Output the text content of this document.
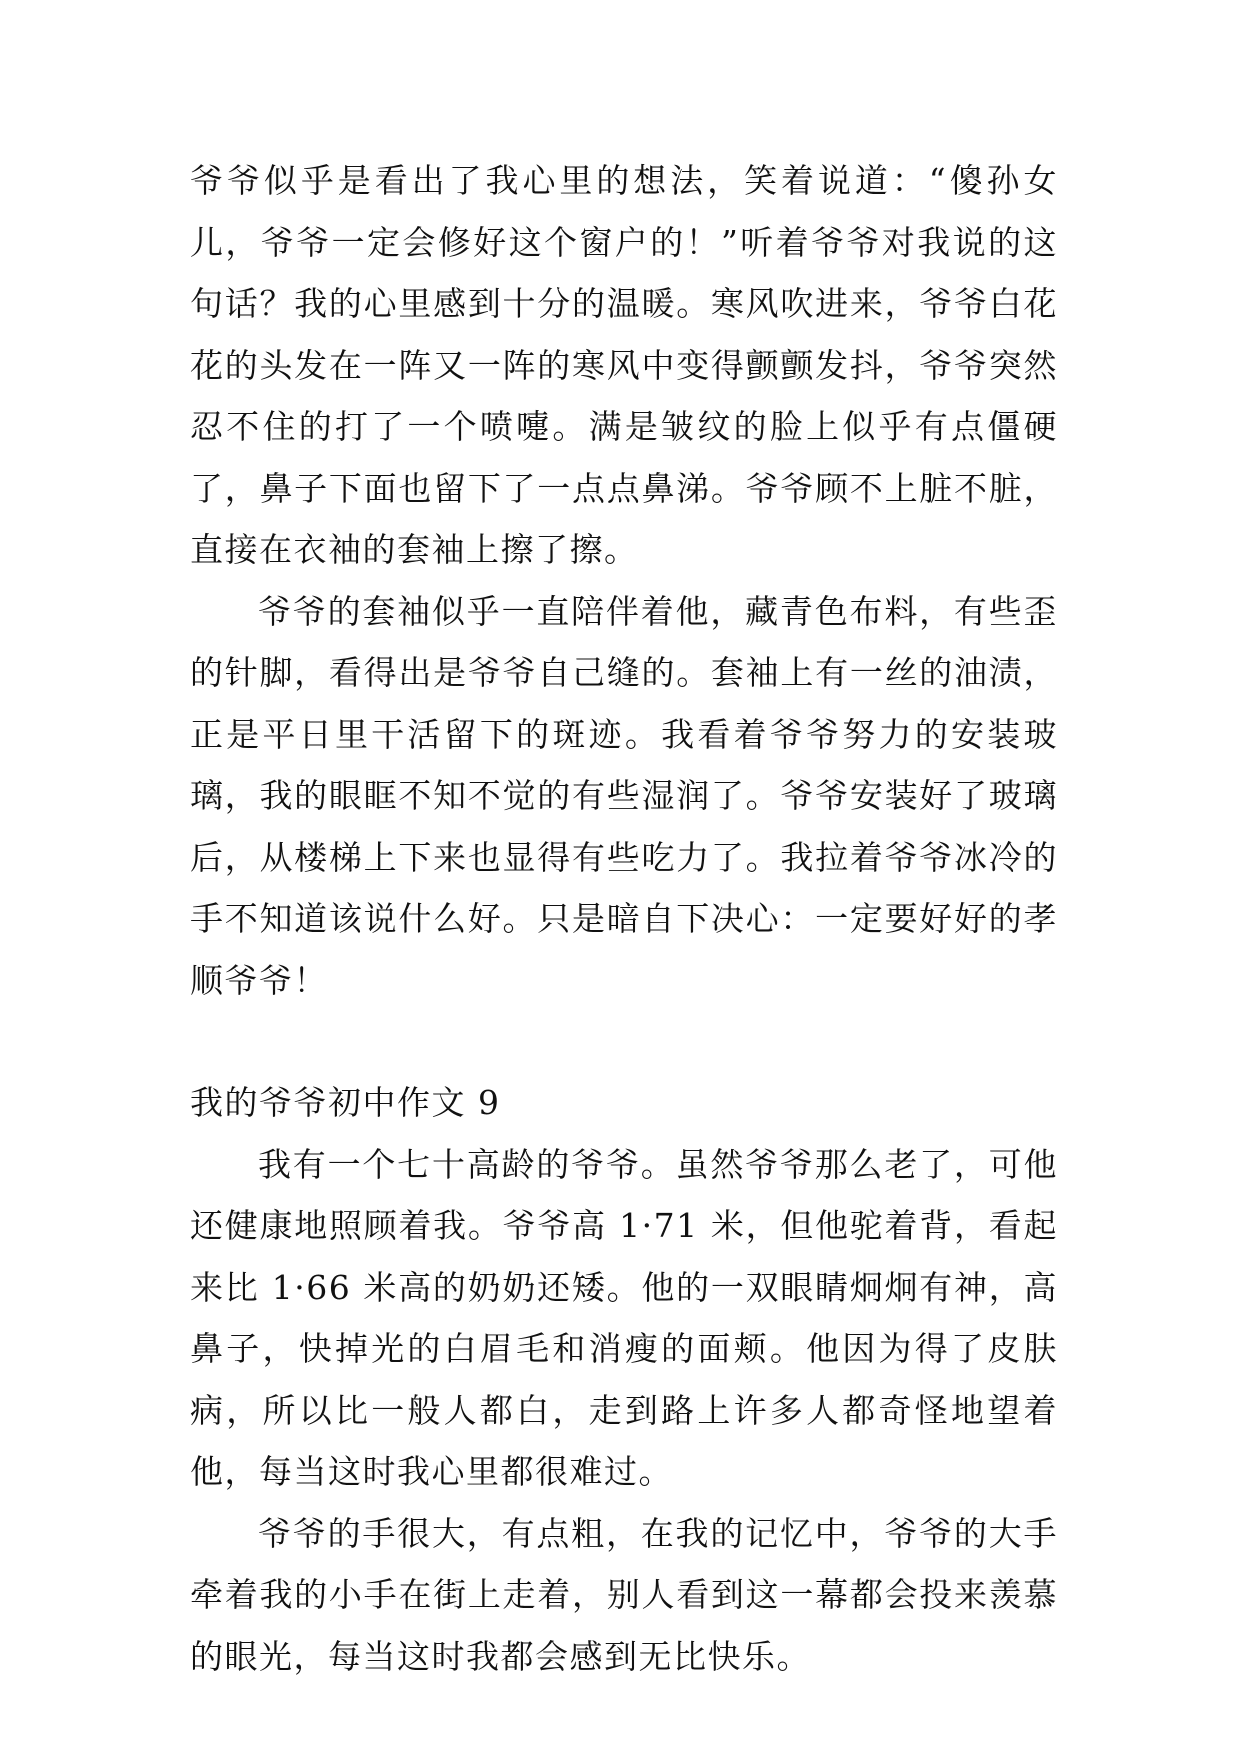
爷爷似乎是看出了我心里的想法，笑着说道：“傻孙女儿，爷爷一定会修好这个窗户的！”听着爷爷对我说的这句话？我的心里感到十分的温暖。寒风吹进来，爷爷白花花的头发在一阵又一阵的寒风中变得颤颤发抖，爷爷突然忍不住的打了一个喷嚏。满是皱纹的脸上似乎有点僵硬了，鼻子下面也留下了一点点鼻涕。爷爷顾不上脏不脏，直接在衣袖的套袖上擦了擦。

爷爷的套袖似乎一直陪伴着他，藏青色布料，有些歪的针脚，看得出是爷爷自己缝的。套袖上有一丝的油渍，正是平日里干活留下的斑迹。我看着爷爷努力的安装玻璃，我的眼眶不知不觉的有些湿润了。爷爷安装好了玻璃后，从楼梯上下来也显得有些吃力了。我拉着爷爷冰冷的手不知道该说什么好。只是暗自下决心：一定要好好的孝顺爷爷！

我的爷爷初中作文 9

我有一个七十高龄的爷爷。虽然爷爷那么老了，可他还健康地照顾着我。爷爷高 1·71 米，但他驼着背，看起来比 1·66 米高的奶奶还矮。他的一双眼睛炯炯有神，高鼻子，快掉光的白眉毛和消瘦的面颊。他因为得了皮肤病，所以比一般人都白，走到路上许多人都奇怪地望着他，每当这时我心里都很难过。

爷爷的手很大，有点粗，在我的记忆中，爷爷的大手牵着我的小手在街上走着，别人看到这一幕都会投来羡慕的眼光，每当这时我都会感到无比快乐。
